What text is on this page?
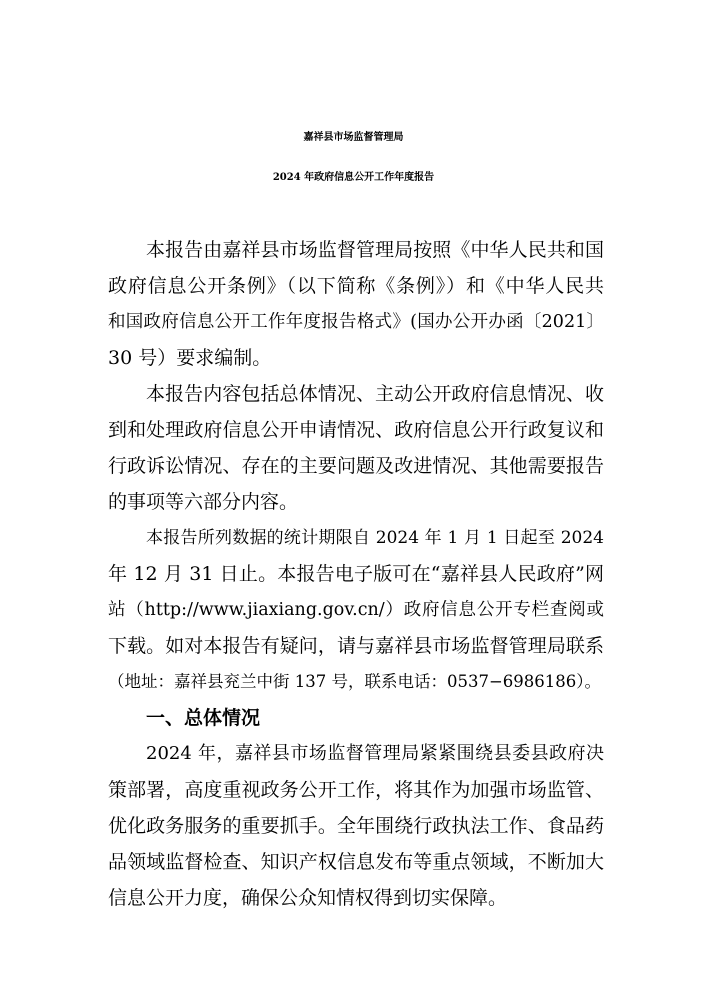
嘉祥县市场监督管理局
2024 年政府信息公开工作年度报告
本报告由嘉祥县市场监督管理局按照《中华人民共和国
政府信息公开条例》（以下简称《条例》）和《中华人民共
和国政府信息公开工作年度报告格式》(国办公开办函〔2021〕
30 号）要求编制。
本报告内容包括总体情况、主动公开政府信息情况、收
到和处理政府信息公开申请情况、政府信息公开行政复议和
行政诉讼情况、存在的主要问题及改进情况、其他需要报告
的事项等六部分内容。
本报告所列数据的统计期限自 2024 年 1 月 1 日起至 2024
年 12 月 31 日止。本报告电子版可在“嘉祥县人民政府”网
站（http://www.jiaxiang.gov.cn/）政府信息公开专栏查阅或
下载。如对本报告有疑问，请与嘉祥县市场监督管理局联系
（地址：嘉祥县兖兰中街 137 号，联系电话：0537−6986186）。
一、总体情况
2024 年，嘉祥县市场监督管理局紧紧围绕县委县政府决
策部署，高度重视政务公开工作，将其作为加强市场监管、
优化政务服务的重要抓手。全年围绕行政执法工作、食品药
品领域监督检查、知识产权信息发布等重点领域，不断加大
信息公开力度，确保公众知情权得到切实保障。
